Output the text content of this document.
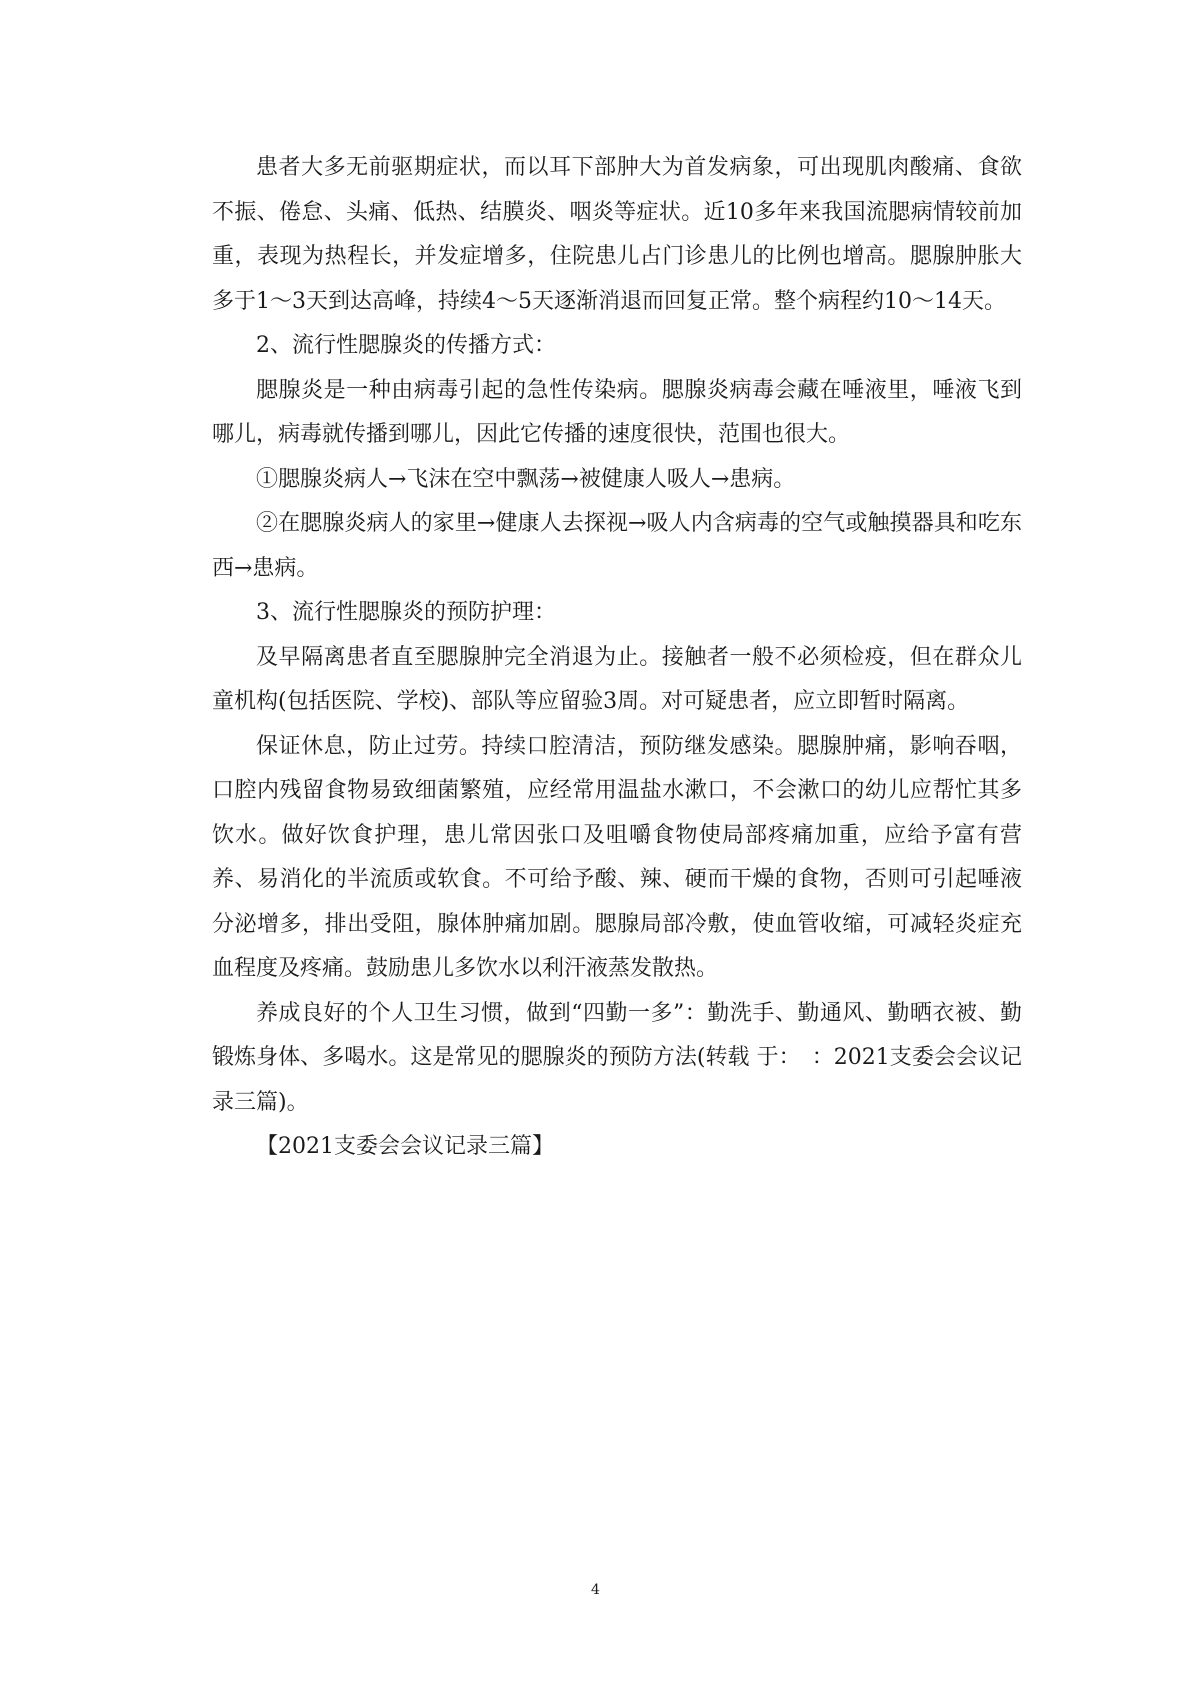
患者大多无前驱期症状，而以耳下部肿大为首发病象，可出现肌肉酸痛、食欲不振、倦怠、头痛、低热、结膜炎、咽炎等症状。近10多年来我国流腮病情较前加重，表现为热程长，并发症增多，住院患儿占门诊患儿的比例也增高。腮腺肿胀大多于1～3天到达高峰，持续4～5天逐渐消退而回复正常。整个病程约10～14天。

2、流行性腮腺炎的传播方式：

腮腺炎是一种由病毒引起的急性传染病。腮腺炎病毒会藏在唾液里，唾液飞到哪儿，病毒就传播到哪儿，因此它传播的速度很快，范围也很大。

①腮腺炎病人→飞沫在空中飘荡→被健康人吸人→患病。

②在腮腺炎病人的家里→健康人去探视→吸人内含病毒的空气或触摸器具和吃东西→患病。

3、流行性腮腺炎的预防护理：

及早隔离患者直至腮腺肿完全消退为止。接触者一般不必须检疫，但在群众儿童机构(包括医院、学校)、部队等应留验3周。对可疑患者，应立即暂时隔离。

保证休息，防止过劳。持续口腔清洁，预防继发感染。腮腺肿痛，影响吞咽，口腔内残留食物易致细菌繁殖，应经常用温盐水漱口，不会漱口的幼儿应帮忙其多饮水。做好饮食护理，患儿常因张口及咀嚼食物使局部疼痛加重，应给予富有营养、易消化的半流质或软食。不可给予酸、辣、硬而干燥的食物，否则可引起唾液分泌增多，排出受阻，腺体肿痛加剧。腮腺局部冷敷，使血管收缩，可减轻炎症充血程度及疼痛。鼓励患儿多饮水以利汗液蒸发散热。

养成良好的个人卫生习惯，做到“四勤一多”：勤洗手、勤通风、勤晒衣被、勤锻炼身体、多喝水。这是常见的腮腺炎的预防方法(转载 于：　：2021支委会会议记录三篇)。

【2021支委会会议记录三篇】

4
